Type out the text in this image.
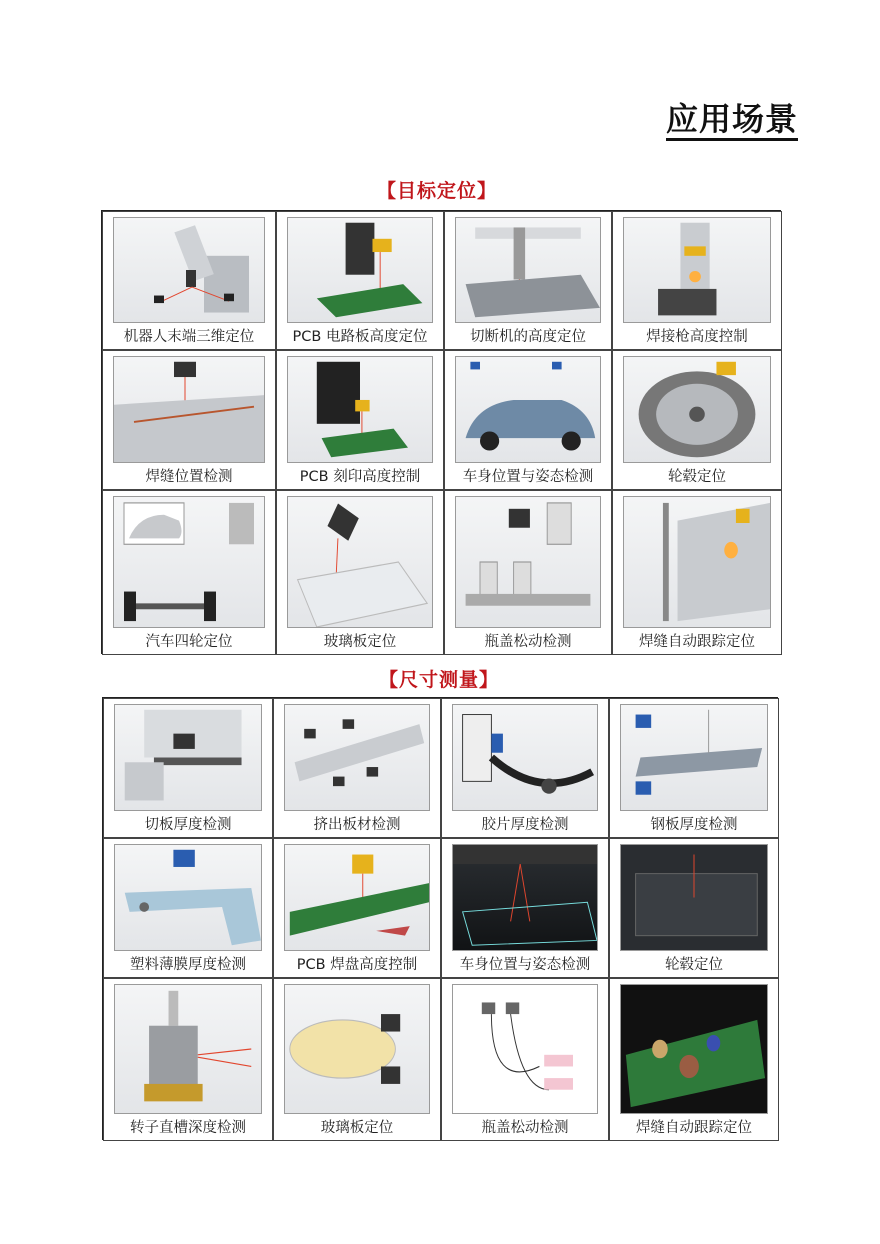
应用场景
【目标定位】
机器人末端三维定位	PCB 电路板高度定位	切断机的高度定位	焊接枪高度控制
焊缝位置检测	PCB 刻印高度控制	车身位置与姿态检测	轮毂定位
汽车四轮定位	玻璃板定位	瓶盖松动检测	焊缝自动跟踪定位
【尺寸测量】
切板厚度检测	挤出板材检测	胶片厚度检测	钢板厚度检测
塑料薄膜厚度检测	PCB 焊盘高度控制	车身位置与姿态检测	轮毂定位
转子直槽深度检测	玻璃板定位	瓶盖松动检测	焊缝自动跟踪定位
